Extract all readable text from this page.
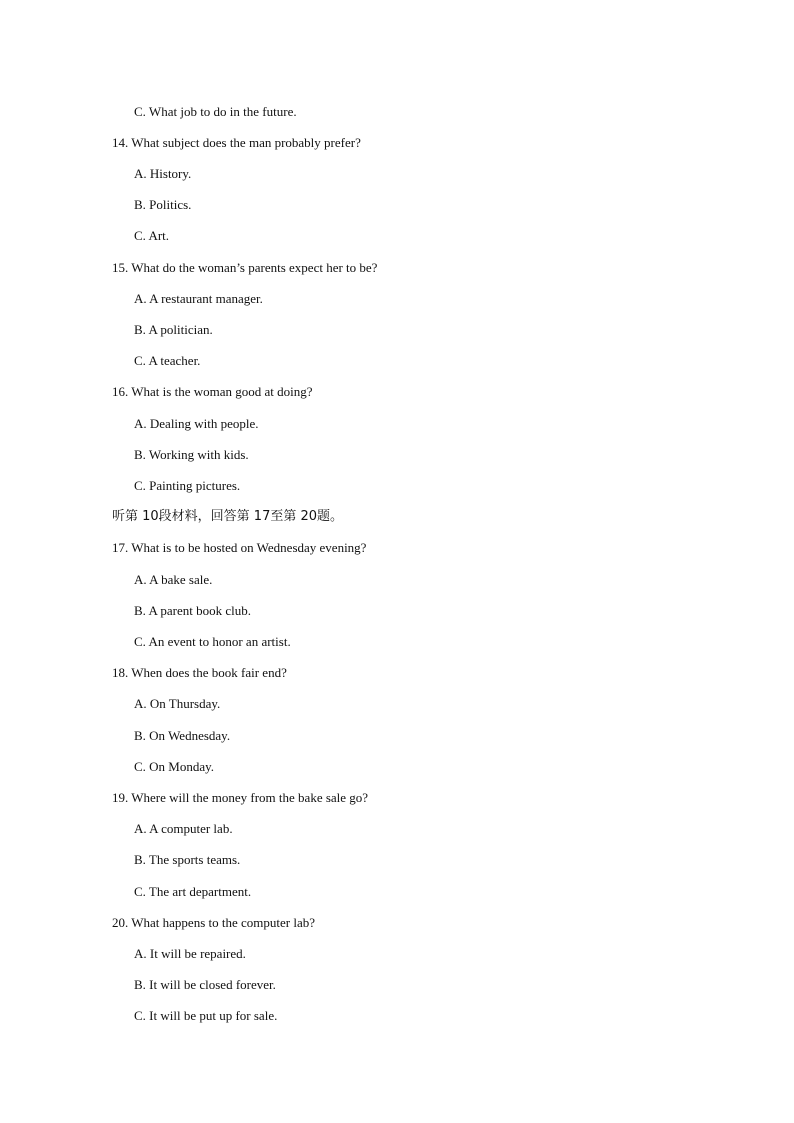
C. What job to do in the future.
14. What subject does the man probably prefer?
A. History.
B. Politics.
C. Art.
15. What do the woman’s parents expect her to be?
A. A restaurant manager.
B. A politician.
C. A teacher.
16. What is the woman good at doing?
A. Dealing with people.
B. Working with kids.
C. Painting pictures.
听第 10段材料，回答第 17至第 20题。
17. What is to be hosted on Wednesday evening?
A. A bake sale.
B. A parent book club.
C. An event to honor an artist.
18. When does the book fair end?
A. On Thursday.
B. On Wednesday.
C. On Monday.
19. Where will the money from the bake sale go?
A. A computer lab.
B. The sports teams.
C. The art department.
20. What happens to the computer lab?
A. It will be repaired.
B. It will be closed forever.
C. It will be put up for sale.
